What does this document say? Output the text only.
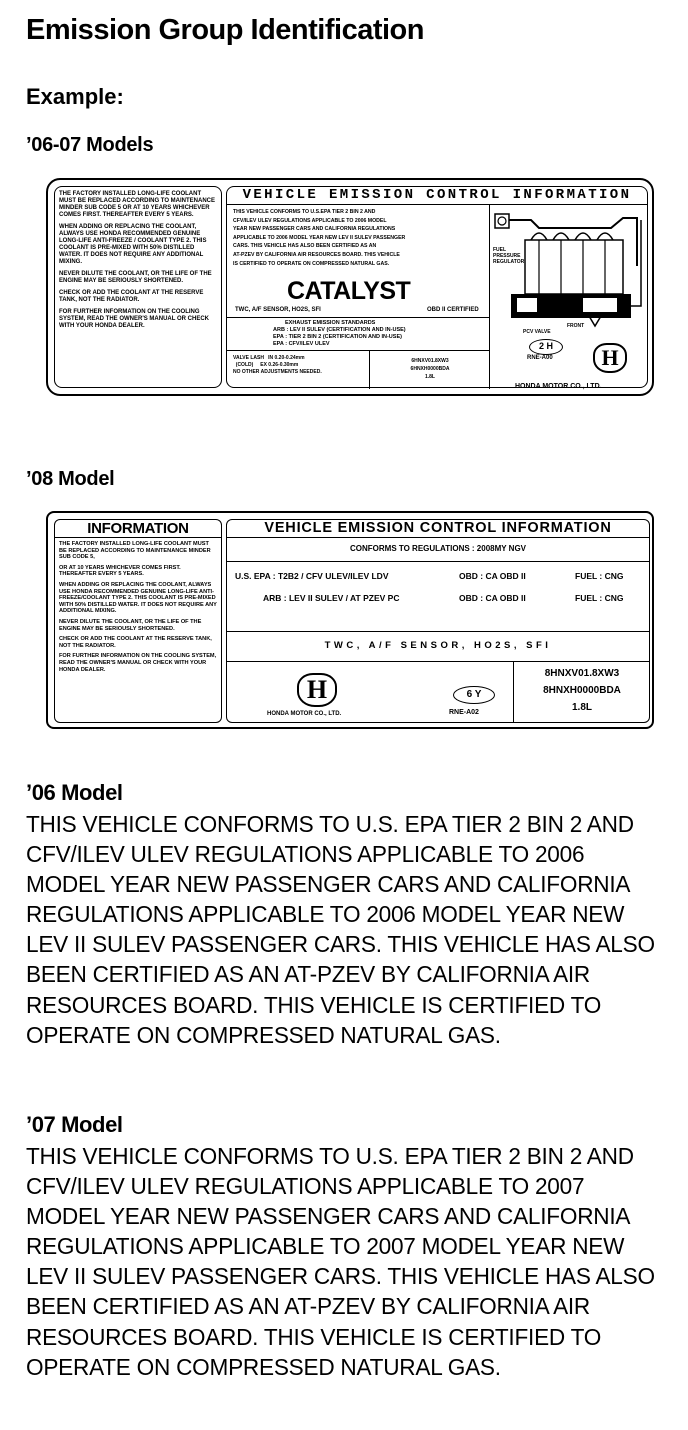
Emission Group Identification
Example:
’06-07 Models

THE FACTORY INSTALLED LONG-LIFE COOLANT MUST BE REPLACED ACCORDING TO MAINTENANCE MINDER SUB CODE 5 OR AT 10 YEARS WHICHEVER COMES FIRST. THEREAFTER EVERY 5 YEARS.

WHEN ADDING OR REPLACING THE COOLANT, ALWAYS USE HONDA RECOMMENDED GENUINE LONG-LIFE ANTI-FREEZE / COOLANT TYPE 2. THIS COOLANT IS PRE-MIXED WITH 50% DISTILLED WATER. IT DOES NOT REQUIRE ANY ADDITIONAL MIXING.

NEVER DILUTE THE COOLANT, OR THE LIFE OF THE ENGINE MAY BE SERIOUSLY SHORTENED.

CHECK OR ADD THE COOLANT AT THE RESERVE TANK, NOT THE RADIATOR.

FOR FURTHER INFORMATION ON THE COOLING SYSTEM, READ THE OWNER'S MANUAL OR CHECK WITH YOUR HONDA DEALER.

VEHICLE EMISSION CONTROL INFORMATION
THIS VEHICLE CONFORMS TO U.S.EPA TIER 2 BIN 2 AND
CFV/ILEV ULEV REGULATIONS APPLICABLE TO 2006 MODEL
YEAR NEW PASSENGER CARS AND CALIFORNIA REGULATIONS
APPLICABLE TO 2006 MODEL YEAR NEW LEV II SULEV PASSENGER
CARS. THIS VEHICLE HAS ALSO BEEN CERTIFIED AS AN
AT-PZEV BY CALIFORNIA AIR RESOURCES BOARD. THIS VEHICLE
IS CERTIFIED TO OPERATE ON COMPRESSED NATURAL GAS.
CATALYST
TWC, A/F SENSOR, HO2S, SFI	OBD II CERTIFIED
EXHAUST EMISSION STANDARDS
ARB : LEV II SULEV (CERTIFICATION AND IN-USE)
EPA : TIER 2 BIN 2 (CERTIFICATION AND IN-USE)
EPA : CFV/ILEV ULEV
VALVE LASH IN 0.20-0.24mm
(COLD) EX 0.26-0.30mm
NO OTHER ADJUSTMENTS NEEDED.
6HNXV01.8XW3
6HNXH0000BDA
1.8L
FUEL PRESSURE REGULATOR
PCV VALVE
FRONT
2 H
RNE-A00	H
HONDA MOTOR CO., LTD.
’08 Model
INFORMATION

THE FACTORY INSTALLED LONG-LIFE COOLANT MUST BE REPLACED ACCORDING TO MAINTENANCE MINDER SUB CODE 5,

OR AT 10 YEARS WHICHEVER COMES FIRST. THEREAFTER EVERY 5 YEARS.

WHEN ADDING OR REPLACING THE COOLANT, ALWAYS USE HONDA RECOMMENDED GENUINE LONG-LIFE ANTI-FREEZE/COOLANT TYPE 2. THIS COOLANT IS PRE-MIXED WITH 50% DISTILLED WATER. IT DOES NOT REQUIRE ANY ADDITIONAL MIXING.

NEVER DILUTE THE COOLANT, OR THE LIFE OF THE ENGINE MAY BE SERIOUSLY SHORTENED.

CHECK OR ADD THE COOLANT AT THE RESERVE TANK, NOT THE RADIATOR.

FOR FURTHER INFORMATION ON THE COOLING SYSTEM, READ THE OWNER'S MANUAL OR CHECK WITH YOUR HONDA DEALER.

VEHICLE EMISSION CONTROL INFORMATION
CONFORMS TO REGULATIONS : 2008MY NGV
U.S. EPA : T2B2 / CFV ULEV/ILEV LDV	OBD : CA OBD II	FUEL : CNG
ARB : LEV II SULEV / AT PZEV PC	OBD : CA OBD II	FUEL : CNG
TWC, A/F SENSOR, HO2S, SFI
H
HONDA MOTOR CO., LTD.
6 Y
RNE-A02
8HNXV01.8XW3
8HNXH0000BDA
1.8L
’06 Model

THIS VEHICLE CONFORMS TO U.S. EPA TIER 2 BIN 2 AND CFV/ILEV ULEV REGULATIONS APPLICABLE TO 2006 MODEL YEAR NEW PASSENGER CARS AND CALIFORNIA REGULATIONS APPLICABLE TO 2006 MODEL YEAR NEW LEV II SULEV PASSENGER CARS. THIS VEHICLE HAS ALSO BEEN CERTIFIED AS AN AT-PZEV BY CALIFORNIA AIR RESOURCES BOARD. THIS VEHICLE IS CERTIFIED TO OPERATE ON COMPRESSED NATURAL GAS.

’07 Model

THIS VEHICLE CONFORMS TO U.S. EPA TIER 2 BIN 2 AND CFV/ILEV ULEV REGULATIONS APPLICABLE TO 2007 MODEL YEAR NEW PASSENGER CARS AND CALIFORNIA REGULATIONS APPLICABLE TO 2007 MODEL YEAR NEW LEV II SULEV PASSENGER CARS. THIS VEHICLE HAS ALSO BEEN CERTIFIED AS AN AT-PZEV BY CALIFORNIA AIR RESOURCES BOARD. THIS VEHICLE IS CERTIFIED TO OPERATE ON COMPRESSED NATURAL GAS.
